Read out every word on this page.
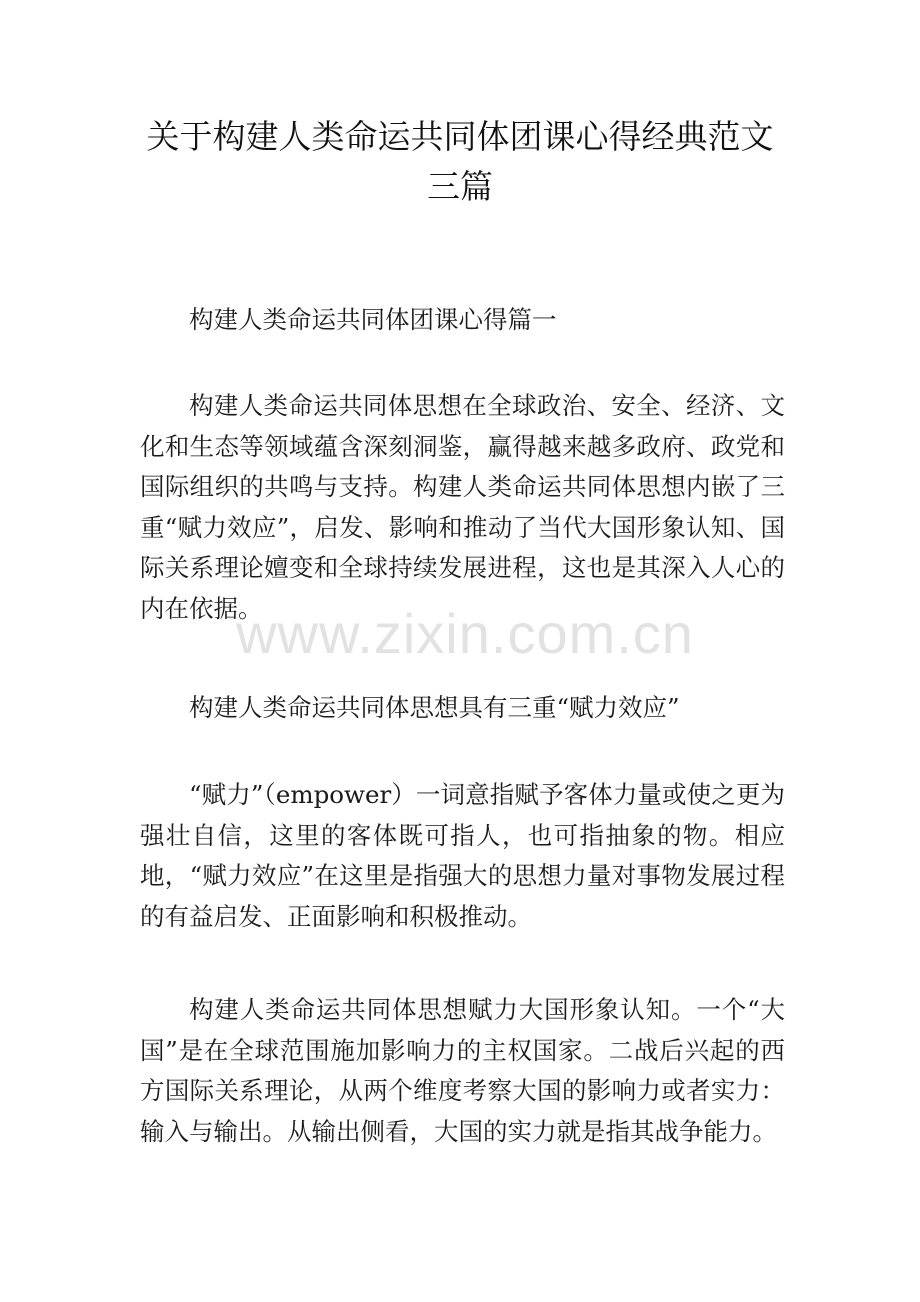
关于构建人类命运共同体团课心得经典范文三篇

构建人类命运共同体团课心得篇一

构建人类命运共同体思想在全球政治、安全、经济、文化和生态等领域蕴含深刻洞鉴，赢得越来越多政府、政党和国际组织的共鸣与支持。构建人类命运共同体思想内嵌了三重“赋力效应”，启发、影响和推动了当代大国形象认知、国际关系理论嬗变和全球持续发展进程，这也是其深入人心的内在依据。

构建人类命运共同体思想具有三重“赋力效应”

“赋力”（empower）一词意指赋予客体力量或使之更为强壮自信，这里的客体既可指人，也可指抽象的物。相应地，“赋力效应”在这里是指强大的思想力量对事物发展过程的有益启发、正面影响和积极推动。

构建人类命运共同体思想赋力大国形象认知。一个“大国”是在全球范围施加影响力的主权国家。二战后兴起的西方国际关系理论，从两个维度考察大国的影响力或者实力：输入与输出。从输出侧看，大国的实力就是指其战争能力。

www.zixin.com.cn
